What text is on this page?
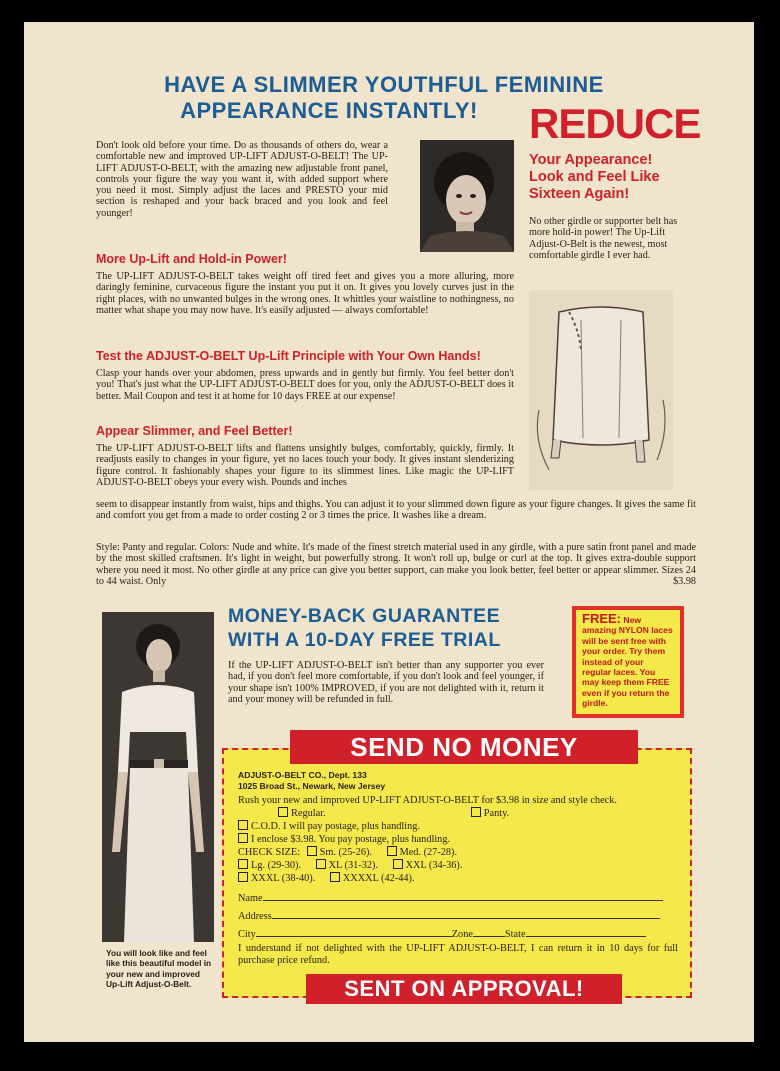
HAVE A SLIMMER YOUTHFUL FEMININE
APPEARANCE INSTANTLY!
Don't look old before your time. Do as thousands of others do, wear a comfortable new and improved UP-LIFT ADJUST-O-BELT! The UP-LIFT ADJUST-O-BELT, with the amazing new adjustable front panel, controls your figure the way you want it, with added support where you need it most. Simply adjust the laces and PRESTO your mid section is reshaped and your back braced and you look and feel younger!
REDUCE
Your Appearance! Look and Feel Like Sixteen Again!
No other girdle or supporter belt has more hold-in power! The Up-Lift Adjust-O-Belt is the newest, most comfortable girdle I ever had.
More Up-Lift and Hold-in Power!
The UP-LIFT ADJUST-O-BELT takes weight off tired feet and gives you a more alluring, more daringly feminine, curvaceous figure the instant you put it on. It gives you lovely curves just in the right places, with no unwanted bulges in the wrong ones. It whittles your waistline to nothingness, no matter what shape you may now have. It's easily adjusted — always comfortable!
Test the ADJUST-O-BELT Up-Lift Principle with Your Own Hands!
Clasp your hands over your abdomen, press upwards and in gently but firmly. You feel better don't you! That's just what the UP-LIFT ADJUST-O-BELT does for you, only the ADJUST-O-BELT does it better. Mail Coupon and test it at home for 10 days FREE at our expense!
Appear Slimmer, and Feel Better!
The UP-LIFT ADJUST-O-BELT lifts and flattens unsightly bulges, comfortably, quickly, firmly. It readjusts easily to changes in your figure, yet no laces touch your body. It gives instant slenderizing figure control. It fashionably shapes your figure to its slimmest lines. Like magic the UP-LIFT ADJUST-O-BELT obeys your every wish. Pounds and inches
seem to disappear instantly from waist, hips and thighs. You can adjust it to your slimmed down figure as your figure changes. It gives the same fit and comfort you get from a made to order costing 2 or 3 times the price. It washes like a dream.
Style: Panty and regular. Colors: Nude and white. It's made of the finest stretch material used in any girdle, with a pure satin front panel and made by the most skilled craftsmen. It's light in weight, but powerfully strong. It won't roll up, bulge or curl at the top. It gives extra-double support where you need it most. No other girdle at any price can give you better support, can make you look better, feel better or appear slimmer. Sizes 24 to 44 waist. Only	$3.98
You will look like and feel like this beautiful model in your new and improved Up-Lift Adjust-O-Belt.
MONEY-BACK GUARANTEE
WITH A 10-DAY FREE TRIAL
If the UP-LIFT ADJUST-O-BELT isn't better than any supporter you ever had, if you don't feel more comfortable, if you don't look and feel younger, if your shape isn't 100% IMPROVED, if you are not delighted with it, return it and your money will be refunded in full.
FREE: New amazing NYLON laces will be sent free with your order. Try them instead of your regular laces. You may keep them FREE even if you return the girdle.
ADJUST-O-BELT CO., Dept. 133
1025 Broad St., Newark, New Jersey
Rush your new and improved UP-LIFT ADJUST-O-BELT for $3.98 in size and style check.
Regular.	Panty.
C.O.D. I will pay postage, plus handling.
I enclose $3.98. You pay postage, plus handling.
CHECK SIZE: Sm. (25-26).	Med. (27-28).
Lg. (29-30).	XL (31-32).	XXL (34-36).
XXXL (38-40).	XXXXL (42-44).
Name
Address
City	Zone	State
I understand if not delighted with the UP-LIFT ADJUST-O-BELT, I can return it in 10 days for full purchase price refund.
SEND NO MONEY
SENT ON APPROVAL!
